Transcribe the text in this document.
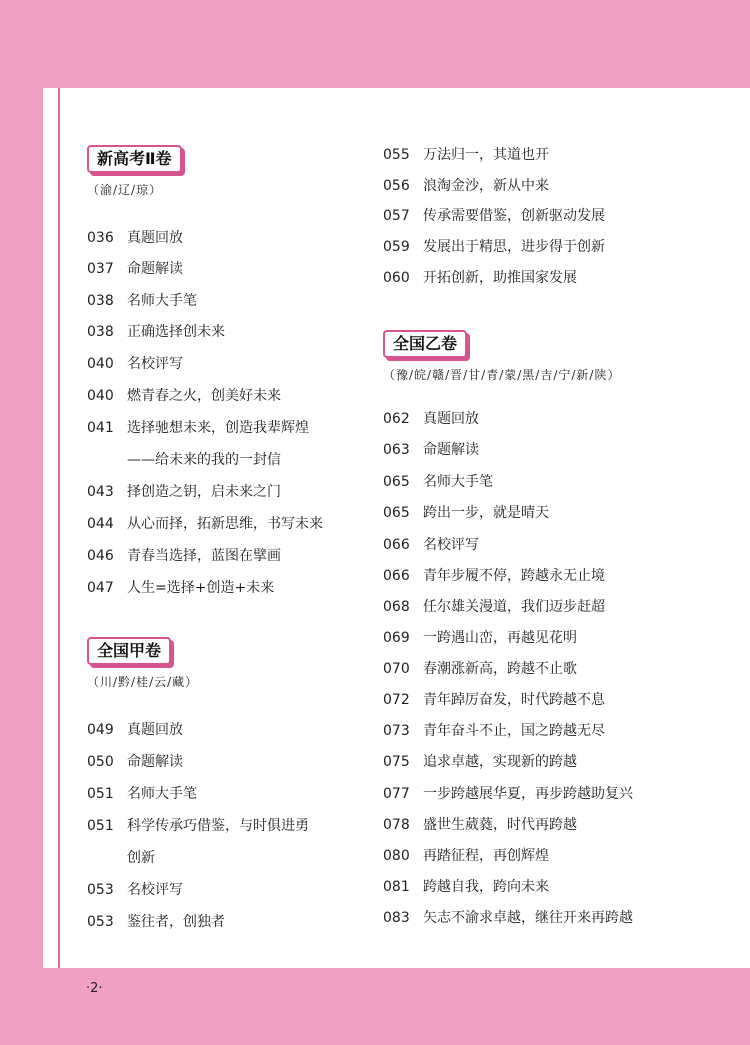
新高考Ⅱ卷
（渝/辽/琼）
036 真题回放
037 命题解读
038 名师大手笔
038 正确选择创未来
040 名校评写
040 燃青春之火，创美好未来
041 选择驰想未来，创造我辈辉煌
——给未来的我的一封信
043 择创造之钥，启未来之门
044 从心而择，拓新思维，书写未来
046 青春当选择，蓝图在擘画
047 人生=选择+创造+未来
全国甲卷
（川/黔/桂/云/藏）
049 真题回放
050 命题解读
051 名师大手笔
051 科学传承巧借鉴，与时俱进勇
创新
053 名校评写
053 鉴往者，创独者
055 万法归一，其道也开
056 浪淘金沙，新从中来
057 传承需要借鉴，创新驱动发展
059 发展出于精思，进步得于创新
060 开拓创新，助推国家发展
全国乙卷
（豫/皖/赣/晋/甘/青/蒙/黑/吉/宁/新/陕）
062 真题回放
063 命题解读
065 名师大手笔
065 跨出一步，就是晴天
066 名校评写
066 青年步履不停，跨越永无止境
068 任尔雄关漫道，我们迈步赶超
069 一跨遇山峦，再越见花明
070 春潮涨新高，跨越不止歌
072 青年踔厉奋发，时代跨越不息
073 青年奋斗不止，国之跨越无尽
075 追求卓越，实现新的跨越
077 一步跨越展华夏，再步跨越助复兴
078 盛世生葳蕤，时代再跨越
080 再踏征程，再创辉煌
081 跨越自我，跨向未来
083 矢志不渝求卓越，继往开来再跨越
·2·
